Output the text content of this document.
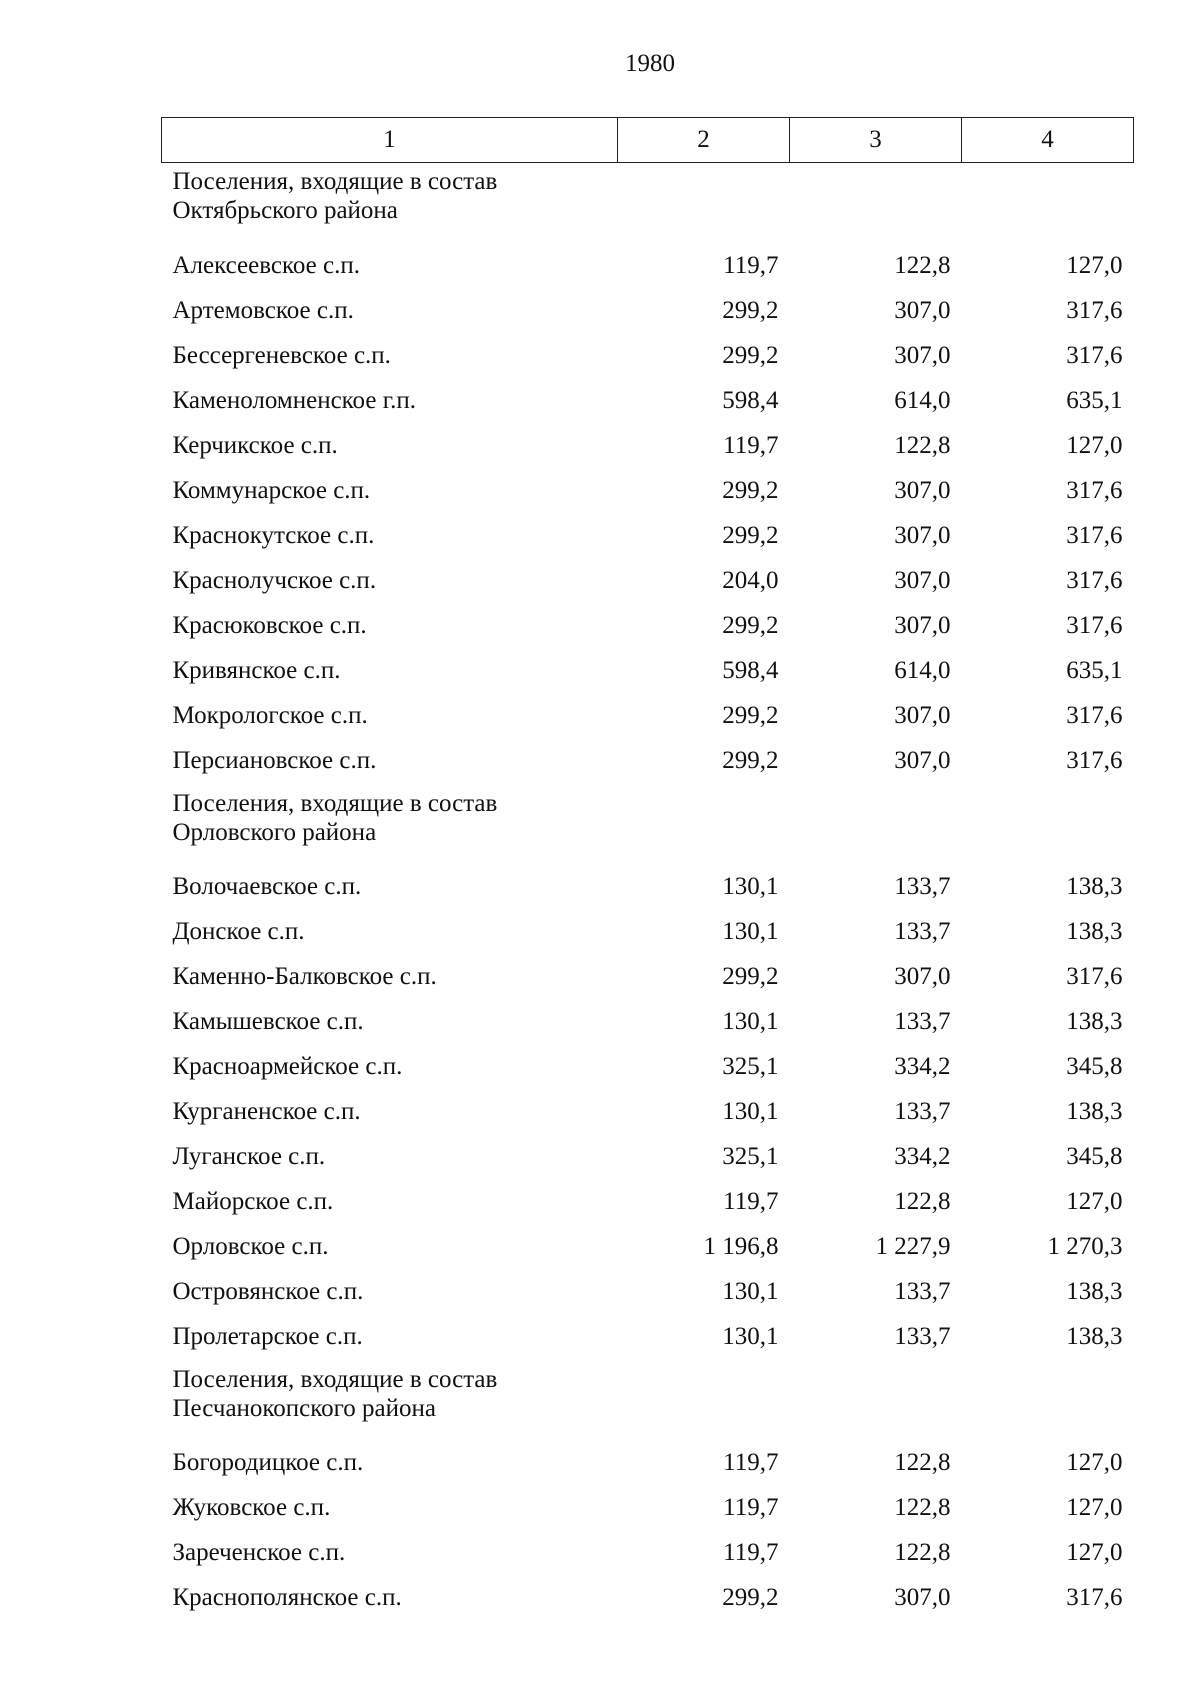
1980
1	2	3	4
Поселения, входящие в состав Октябрьского района			
Алексеевское с.п.	119,7	122,8	127,0
Артемовское с.п.	299,2	307,0	317,6
Бессергеневское с.п.	299,2	307,0	317,6
Каменоломненское г.п.	598,4	614,0	635,1
Керчикское с.п.	119,7	122,8	127,0
Коммунарское с.п.	299,2	307,0	317,6
Краснокутское с.п.	299,2	307,0	317,6
Краснолучское с.п.	204,0	307,0	317,6
Красюковское с.п.	299,2	307,0	317,6
Кривянское с.п.	598,4	614,0	635,1
Мокрологское с.п.	299,2	307,0	317,6
Персиановское с.п.	299,2	307,0	317,6
Поселения, входящие в состав Орловского района			
Волочаевское с.п.	130,1	133,7	138,3
Донское с.п.	130,1	133,7	138,3
Каменно-Балковское с.п.	299,2	307,0	317,6
Камышевское с.п.	130,1	133,7	138,3
Красноармейское с.п.	325,1	334,2	345,8
Курганенское с.п.	130,1	133,7	138,3
Луганское с.п.	325,1	334,2	345,8
Майорское с.п.	119,7	122,8	127,0
Орловское с.п.	1 196,8	1 227,9	1 270,3
Островянское с.п.	130,1	133,7	138,3
Пролетарское с.п.	130,1	133,7	138,3
Поселения, входящие в состав Песчанокопского района			
Богородицкое с.п.	119,7	122,8	127,0
Жуковское с.п.	119,7	122,8	127,0
Зареченское с.п.	119,7	122,8	127,0
Краснополянское с.п.	299,2	307,0	317,6
